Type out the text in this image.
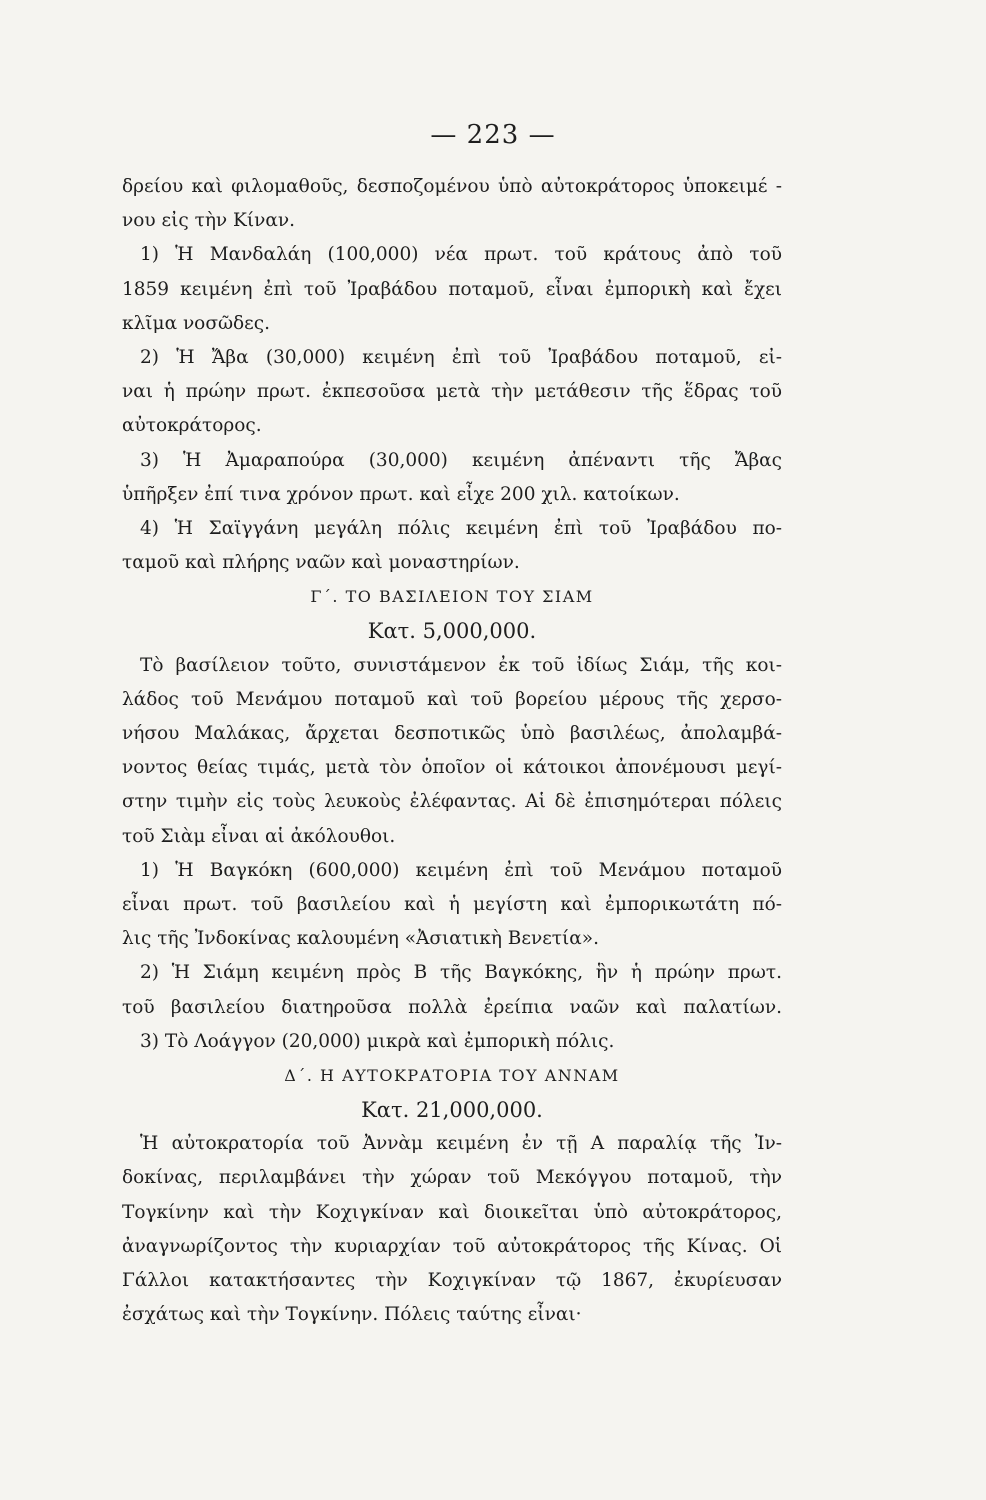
— 223 —
δρείου καὶ φιλομαθοῦς, δεσποζομένου ὑπὸ αὐτοκράτορος ὑποκειμέ -
νου εἰς τὴν Κίναν.
1) Ἡ Μανδαλάη (100,000) νέα πρωτ. τοῦ κράτους ἀπὸ τοῦ
1859 κειμένη ἐπὶ τοῦ Ἰραβάδου ποταμοῦ, εἶναι ἐμπορικὴ καὶ ἔχει
κλῖμα νοσῶδες.
2) Ἡ Ἄβα (30,000) κειμένη ἐπὶ τοῦ Ἰραβάδου ποταμοῦ, εἰ-
ναι ἡ πρώην πρωτ. ἐκπεσοῦσα μετὰ τὴν μετάθεσιν τῆς ἕδρας τοῦ
αὐτοκράτορος.
3) Ἡ Ἀμαραπούρα (30,000) κειμένη ἀπέναντι τῆς Ἄβας
ὑπῆρξεν ἐπί τινα χρόνον πρωτ. καὶ εἶχε 200 χιλ. κατοίκων.
4) Ἡ Σαϊγγάνη μεγάλη πόλις κειμένη ἐπὶ τοῦ Ἰραβάδου πο-
ταμοῦ καὶ πλήρης ναῶν καὶ μοναστηρίων.
Γ΄. ΤΟ ΒΑΣΙΛΕΙΟΝ ΤΟΥ ΣΙΑΜ
Κατ. 5,000,000.
Τὸ βασίλειον τοῦτο, συνιστάμενον ἐκ τοῦ ἰδίως Σιάμ, τῆς κοι-
λάδος τοῦ Μενάμου ποταμοῦ καὶ τοῦ βορείου μέρους τῆς χερσο-
νήσου Μαλάκας, ἄρχεται δεσποτικῶς ὑπὸ βασιλέως, ἀπολαμβά-
νοντος θείας τιμάς, μετὰ τὸν ὁποῖον οἱ κάτοικοι ἀπονέμουσι μεγί-
στην τιμὴν εἰς τοὺς λευκοὺς ἐλέφαντας. Αἱ δὲ ἐπισημότεραι πόλεις
τοῦ Σιὰμ εἶναι αἱ ἀκόλουθοι.
1) Ἡ Βαγκόκη (600,000) κειμένη ἐπὶ τοῦ Μενάμου ποταμοῦ
εἶναι πρωτ. τοῦ βασιλείου καὶ ἡ μεγίστη καὶ ἐμπορικωτάτη πό-
λις τῆς Ἰνδοκίνας καλουμένη «Ἀσιατικὴ Βενετία».
2) Ἡ Σιάμη κειμένη πρὸς Β τῆς Βαγκόκης, ἣν ἡ πρώην πρωτ.
τοῦ βασιλείου διατηροῦσα πολλὰ ἐρείπια ναῶν καὶ παλατίων.
3) Τὸ Λοάγγον (20,000) μικρὰ καὶ ἐμπορικὴ πόλις.
Δ΄. Η ΑΥΤΟΚΡΑΤΟΡΙΑ ΤΟΥ ΑΝΝΑΜ
Κατ. 21,000,000.
Ἡ αὐτοκρατορία τοῦ Ἀννὰμ κειμένη ἐν τῇ Α παραλίᾳ τῆς Ἰν-
δοκίνας, περιλαμβάνει τὴν χώραν τοῦ Μεκόγγου ποταμοῦ, τὴν
Τογκίνην καὶ τὴν Κοχιγκίναν καὶ διοικεῖται ὑπὸ αὐτοκράτορος,
ἀναγνωρίζοντος τὴν κυριαρχίαν τοῦ αὐτοκράτορος τῆς Κίνας. Οἱ
Γάλλοι κατακτήσαντες τὴν Κοχιγκίναν τῷ 1867, ἐκυρίευσαν
ἐσχάτως καὶ τὴν Τογκίνην. Πόλεις ταύτης εἶναι·
